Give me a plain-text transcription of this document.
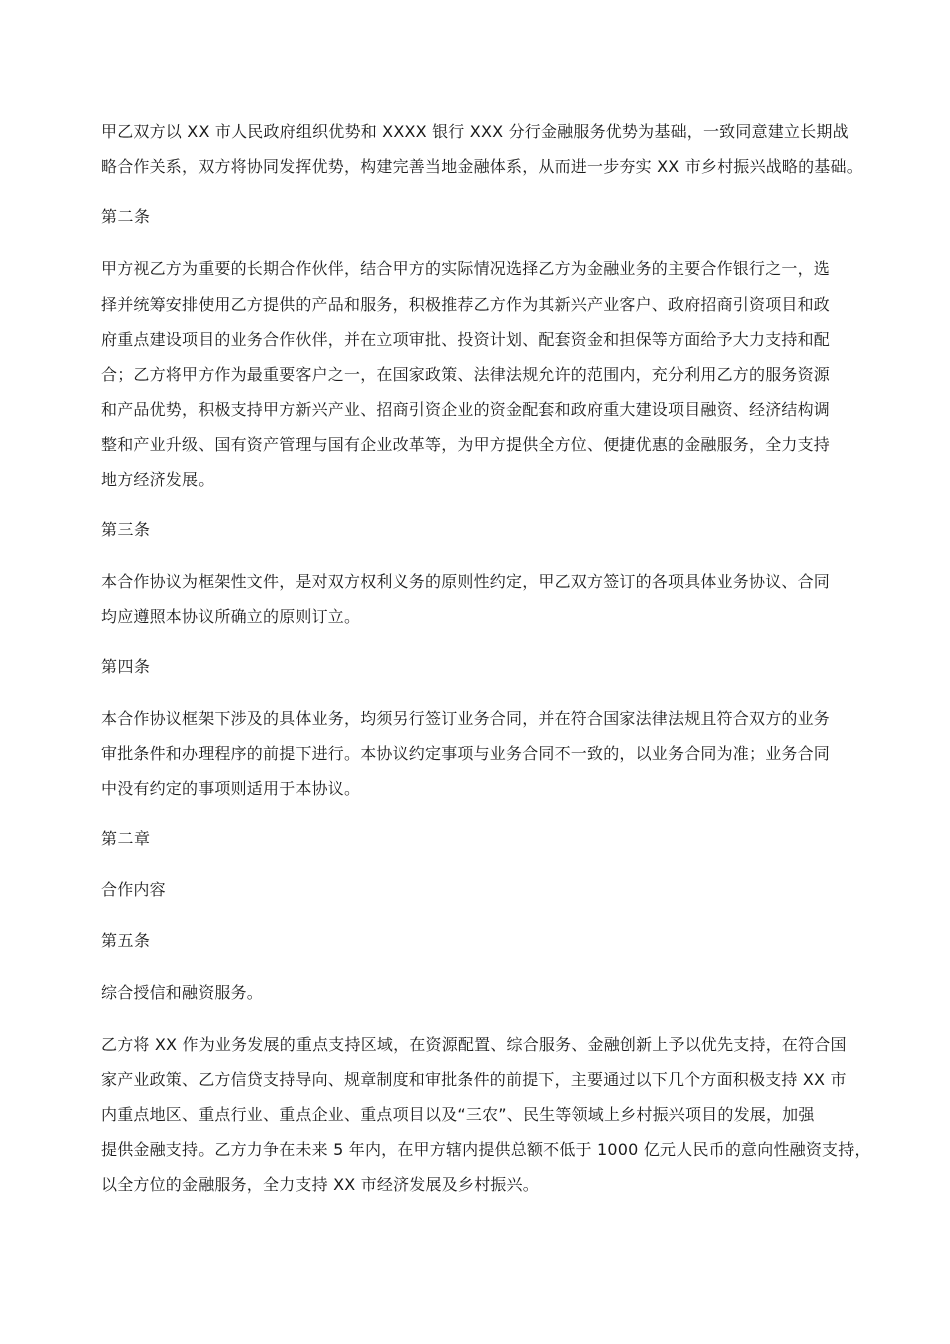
甲乙双方以 XX 市人民政府组织优势和 XXXX 银行 XXX 分行金融服务优势为基础，一致同意建立长期战
略合作关系，双方将协同发挥优势，构建完善当地金融体系，从而进一步夯实 XX 市乡村振兴战略的基础。
第二条
甲方视乙方为重要的长期合作伙伴，结合甲方的实际情况选择乙方为金融业务的主要合作银行之一，选
择并统筹安排使用乙方提供的产品和服务，积极推荐乙方作为其新兴产业客户、政府招商引资项目和政
府重点建设项目的业务合作伙伴，并在立项审批、投资计划、配套资金和担保等方面给予大力支持和配
合；乙方将甲方作为最重要客户之一，在国家政策、法律法规允许的范围内，充分利用乙方的服务资源
和产品优势，积极支持甲方新兴产业、招商引资企业的资金配套和政府重大建设项目融资、经济结构调
整和产业升级、国有资产管理与国有企业改革等，为甲方提供全方位、便捷优惠的金融服务，全力支持
地方经济发展。
第三条
本合作协议为框架性文件，是对双方权利义务的原则性约定，甲乙双方签订的各项具体业务协议、合同
均应遵照本协议所确立的原则订立。
第四条
本合作协议框架下涉及的具体业务，均须另行签订业务合同，并在符合国家法律法规且符合双方的业务
审批条件和办理程序的前提下进行。本协议约定事项与业务合同不一致的，以业务合同为准；业务合同
中没有约定的事项则适用于本协议。
第二章
合作内容
第五条
综合授信和融资服务。
乙方将 XX 作为业务发展的重点支持区域，在资源配置、综合服务、金融创新上予以优先支持，在符合国
家产业政策、乙方信贷支持导向、规章制度和审批条件的前提下，主要通过以下几个方面积极支持 XX 市
内重点地区、重点行业、重点企业、重点项目以及“三农”、民生等领域上乡村振兴项目的发展，加强
提供金融支持。乙方力争在未来 5 年内，在甲方辖内提供总额不低于 1000 亿元人民币的意向性融资支持，
以全方位的金融服务，全力支持 XX 市经济发展及乡村振兴。
